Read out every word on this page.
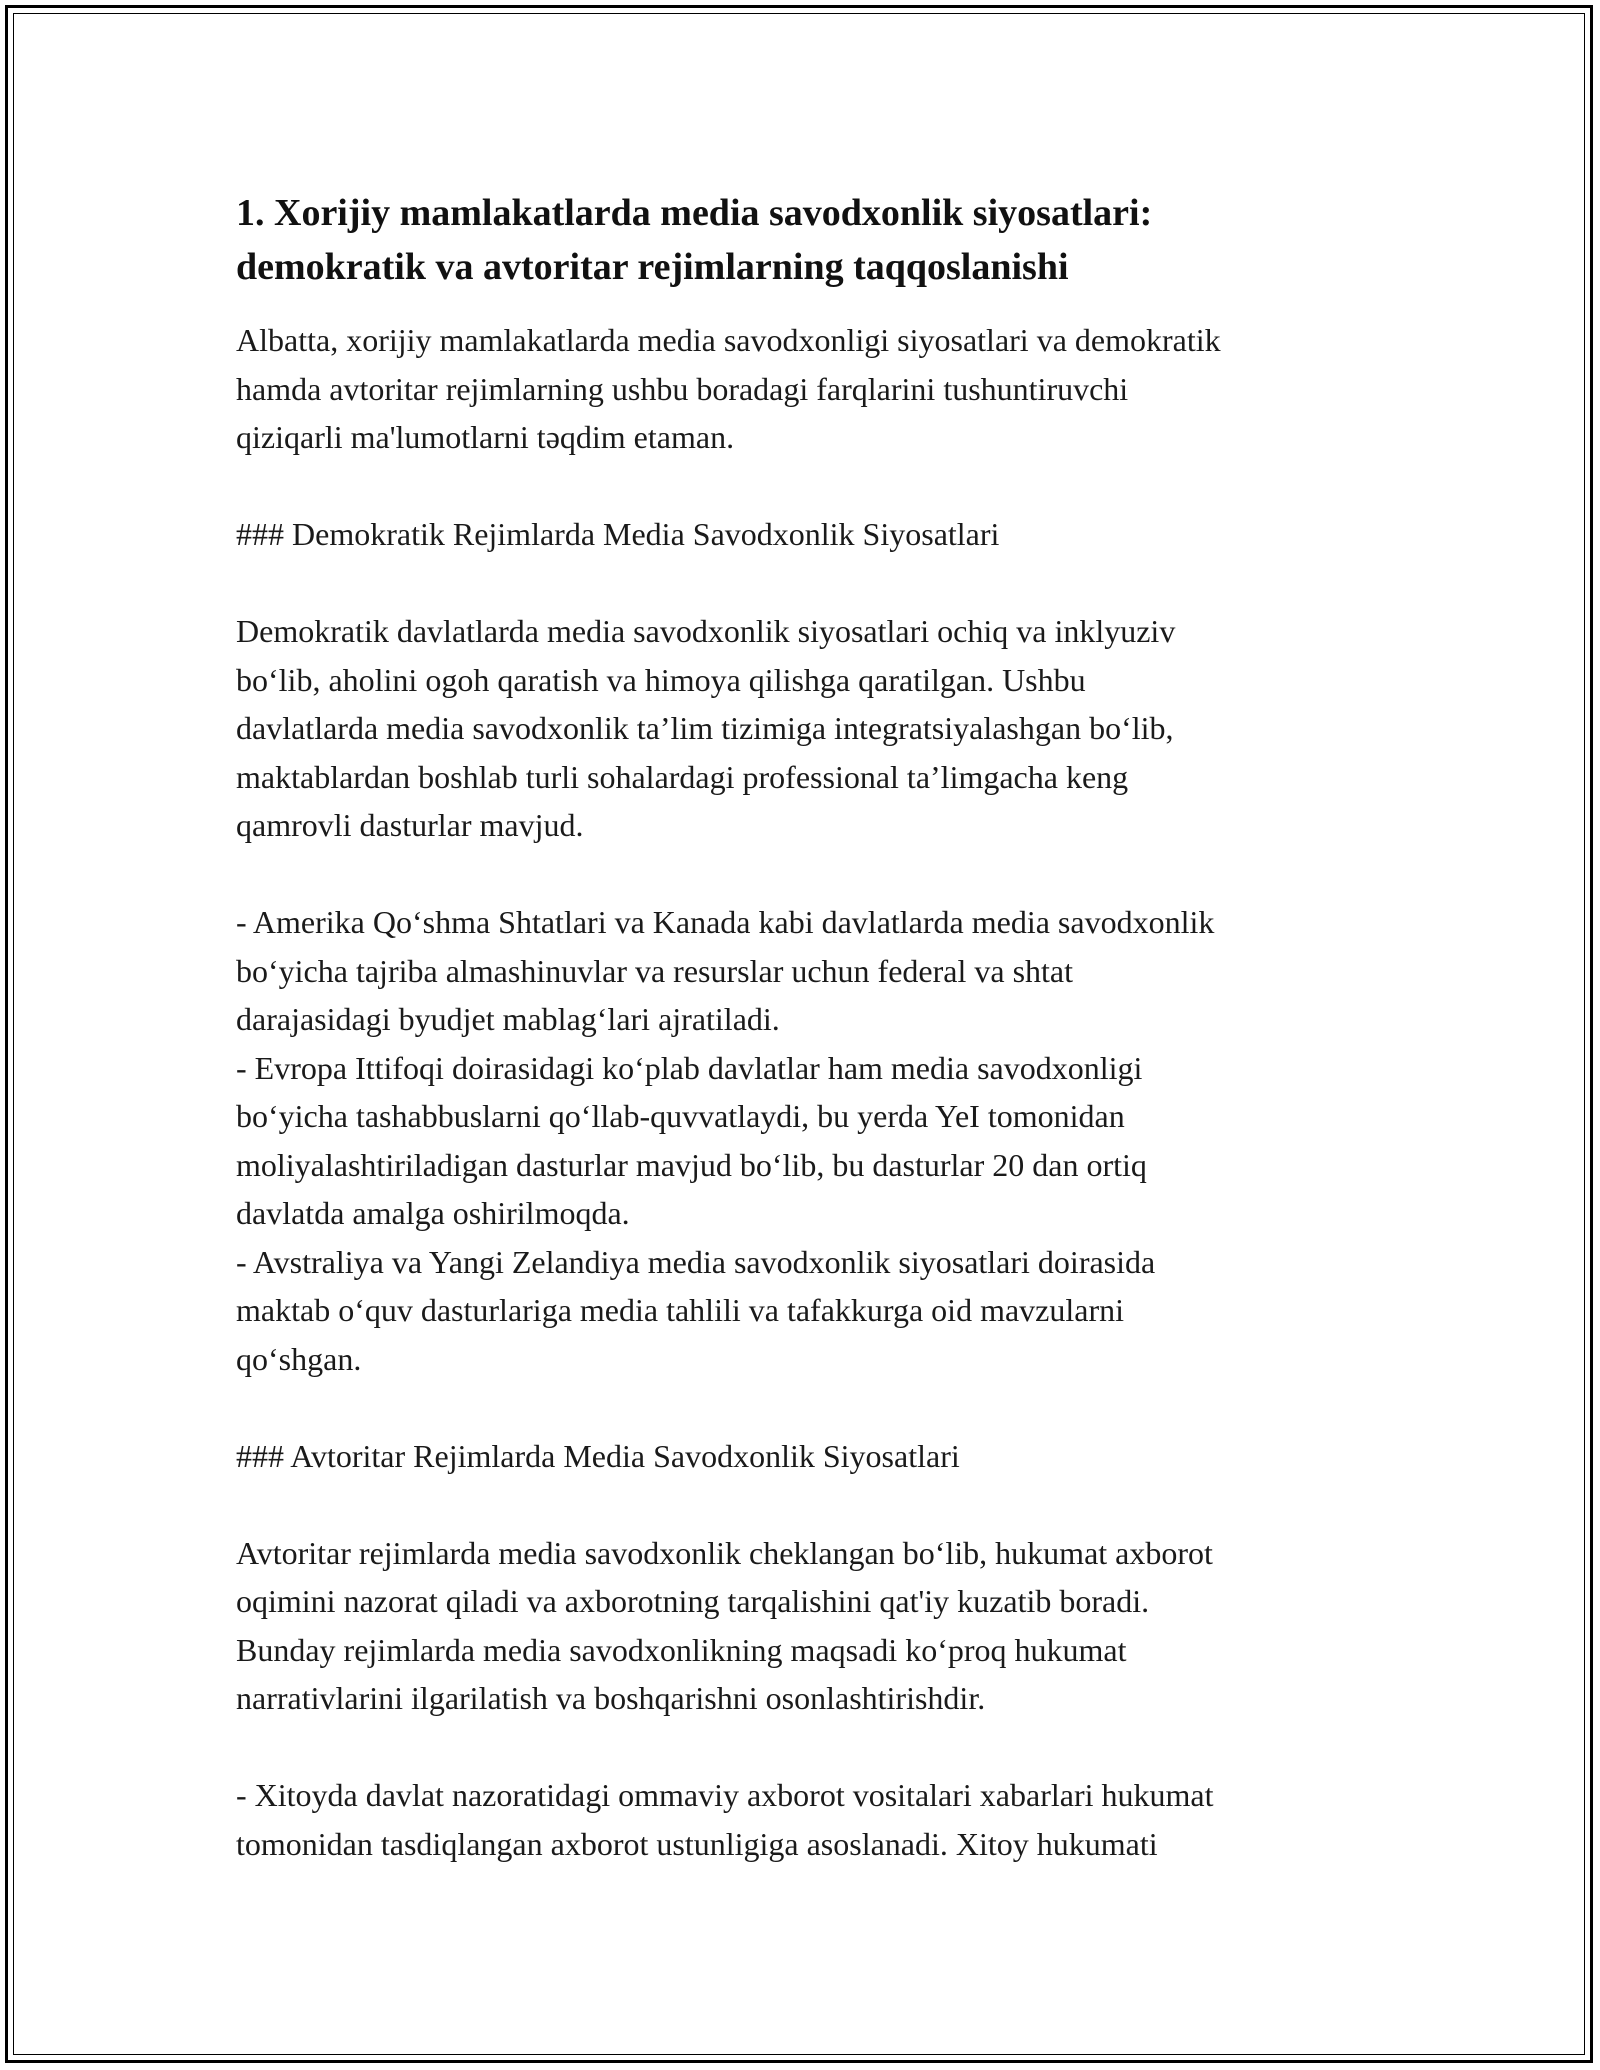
1. Xorijiy mamlakatlarda media savodxonlik siyosatlari:
demokratik va avtoritar rejimlarning taqqoslanishi
Albatta, xorijiy mamlakatlarda media savodxonligi siyosatlari va demokratik
hamda avtoritar rejimlarning ushbu boradagi farqlarini tushuntiruvchi
qiziqarli ma'lumotlarni təqdim etaman.
### Demokratik Rejimlarda Media Savodxonlik Siyosatlari
Demokratik davlatlarda media savodxonlik siyosatlari ochiq va inklyuziv
bo‘lib, aholini ogoh qaratish va himoya qilishga qaratilgan. Ushbu
davlatlarda media savodxonlik ta’lim tizimiga integratsiyalashgan bo‘lib,
maktablardan boshlab turli sohalardagi professional ta’limgacha keng
qamrovli dasturlar mavjud.
- Amerika Qo‘shma Shtatlari va Kanada kabi davlatlarda media savodxonlik
bo‘yicha tajriba almashinuvlar va resurslar uchun federal va shtat
darajasidagi byudjet mablag‘lari ajratiladi.
- Evropa Ittifoqi doirasidagi ko‘plab davlatlar ham media savodxonligi
bo‘yicha tashabbuslarni qo‘llab-quvvatlaydi, bu yerda YeI tomonidan
moliyalashtiriladigan dasturlar mavjud bo‘lib, bu dasturlar 20 dan ortiq
davlatda amalga oshirilmoqda.
- Avstraliya va Yangi Zelandiya media savodxonlik siyosatlari doirasida
maktab o‘quv dasturlariga media tahlili va tafakkurga oid mavzularni
qo‘shgan.
### Avtoritar Rejimlarda Media Savodxonlik Siyosatlari
Avtoritar rejimlarda media savodxonlik cheklangan bo‘lib, hukumat axborot
oqimini nazorat qiladi va axborotning tarqalishini qat'iy kuzatib boradi.
Bunday rejimlarda media savodxonlikning maqsadi ko‘proq hukumat
narrativlarini ilgarilatish va boshqarishni osonlashtirishdir.
- Xitoyda davlat nazoratidagi ommaviy axborot vositalari xabarlari hukumat
tomonidan tasdiqlangan axborot ustunligiga asoslanadi. Xitoy hukumati
